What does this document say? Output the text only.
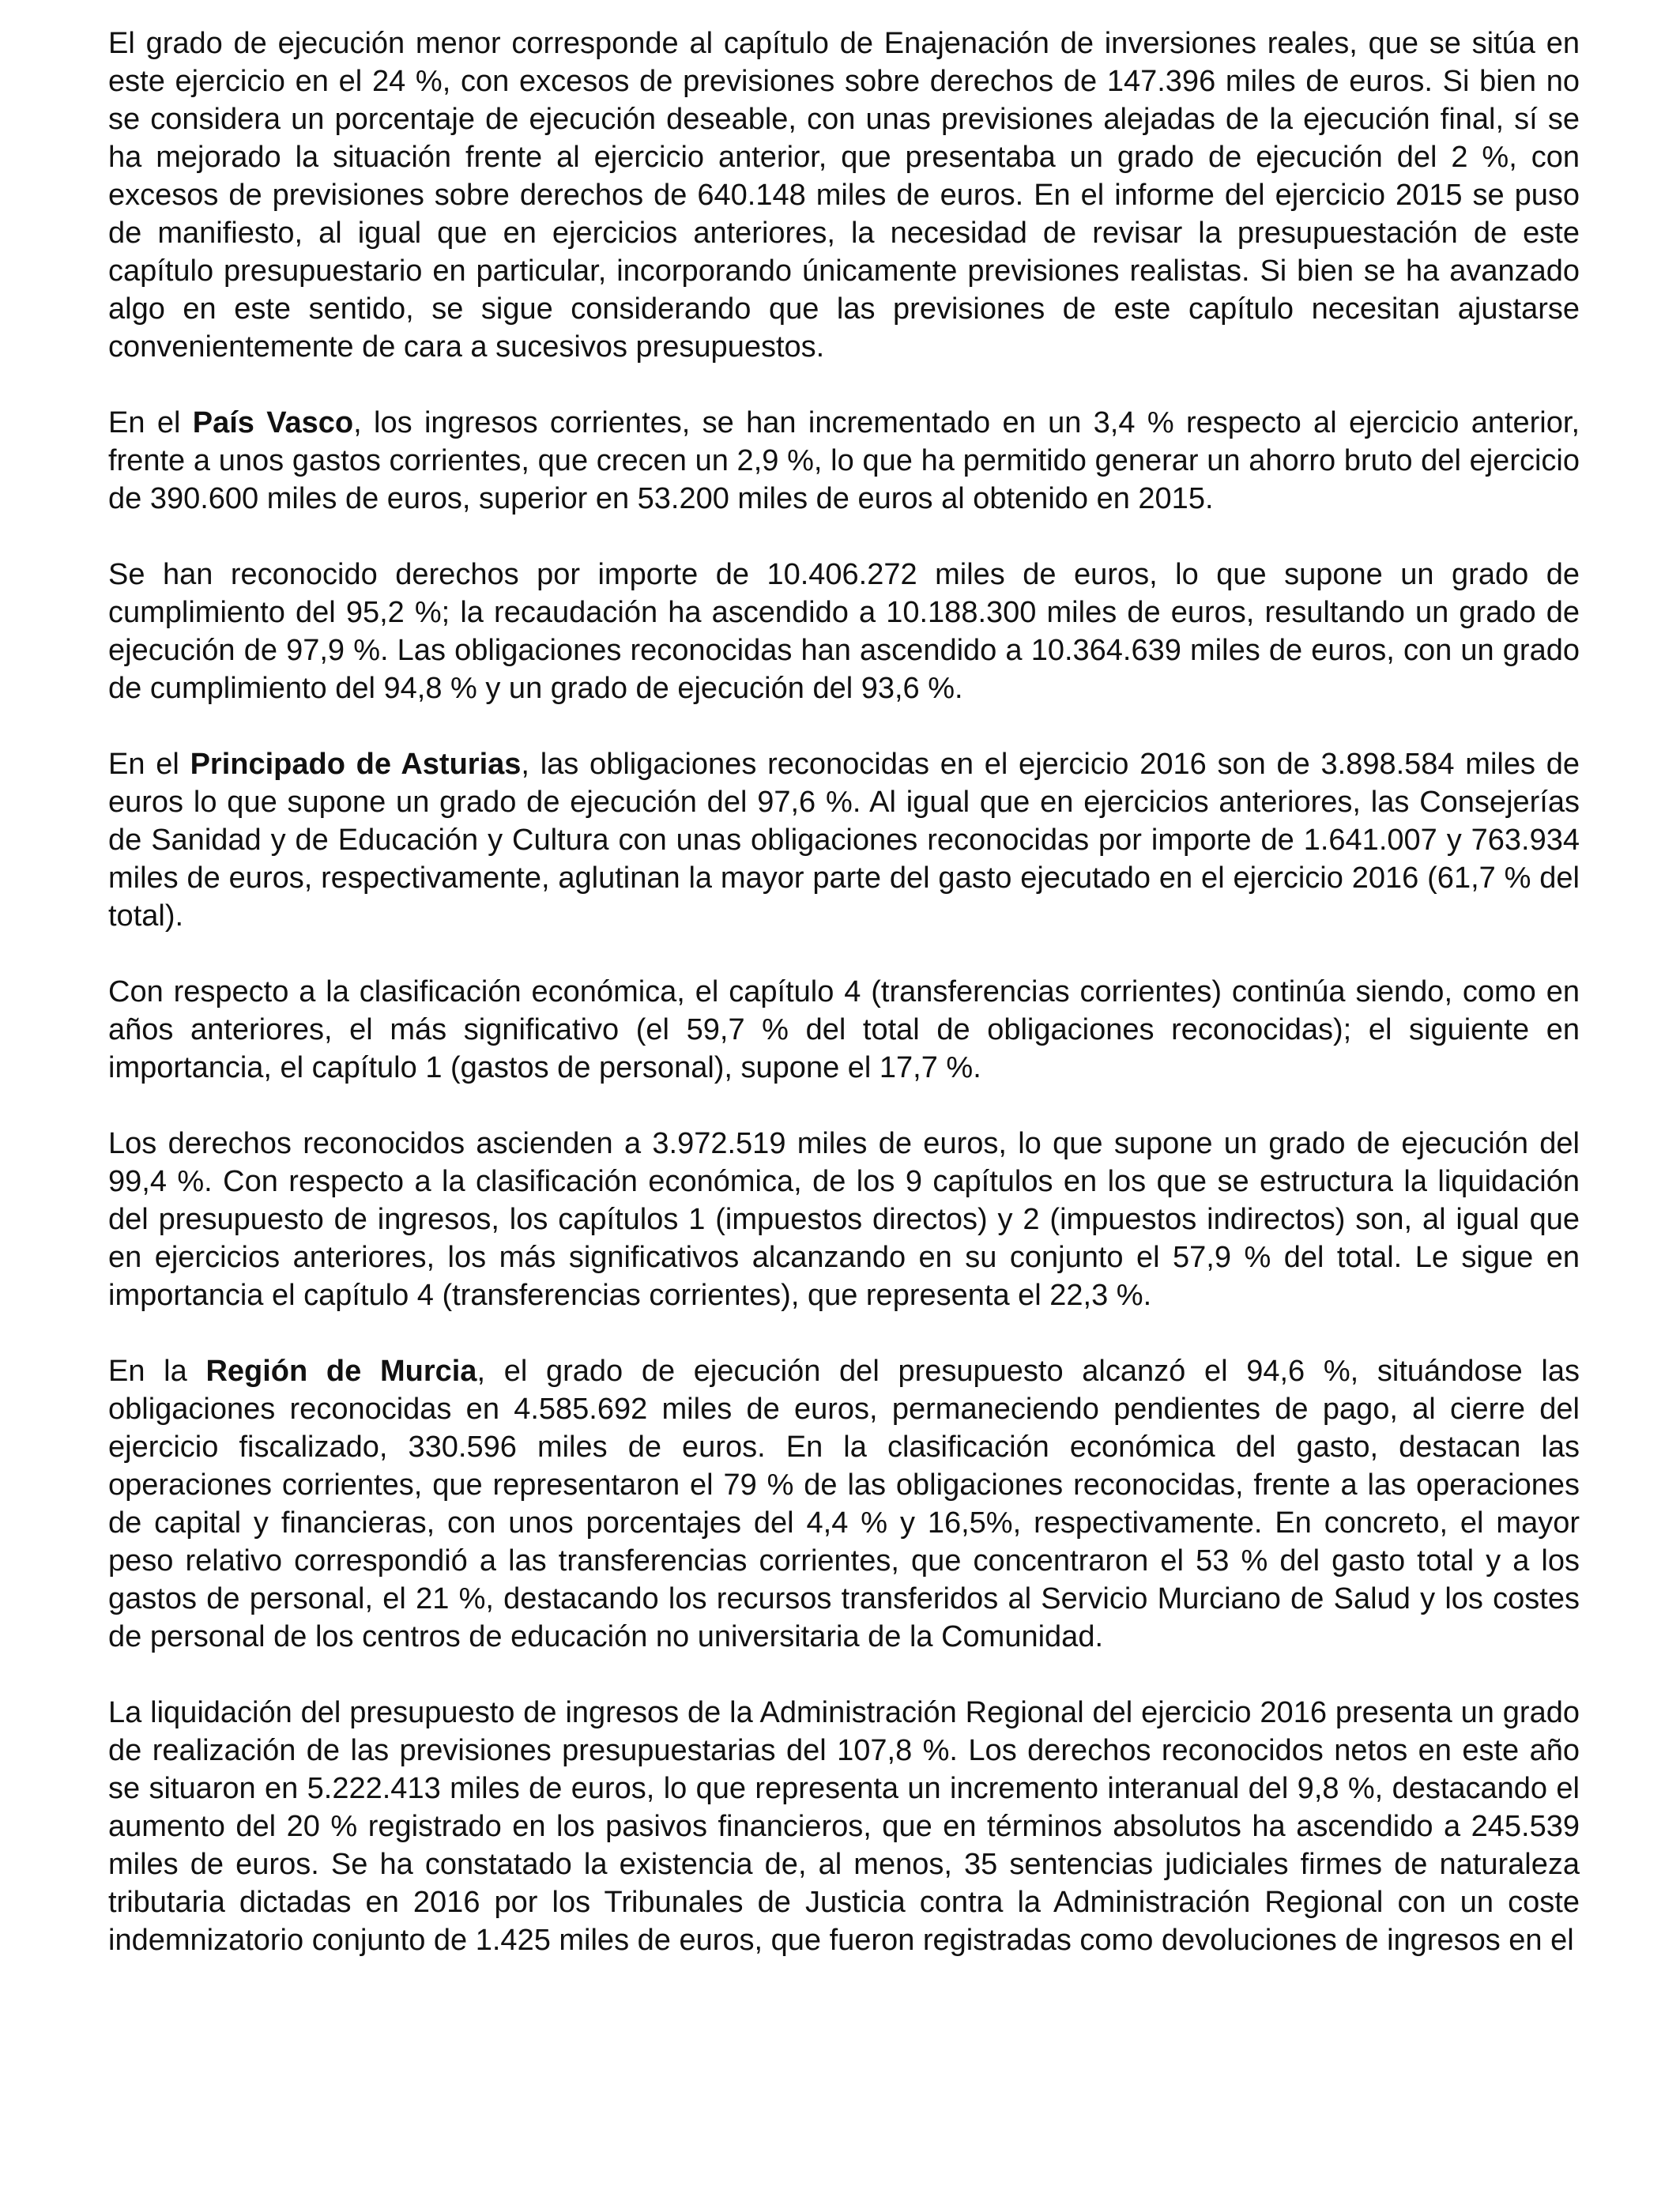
El grado de ejecución menor corresponde al capítulo de Enajenación de inversiones reales, que se sitúa en este ejercicio en el 24 %, con excesos de previsiones sobre derechos de 147.396 miles de euros. Si bien no se considera un porcentaje de ejecución deseable, con unas previsiones alejadas de la ejecución final, sí se ha mejorado la situación frente al ejercicio anterior, que presentaba un grado de ejecución del 2 %, con excesos de previsiones sobre derechos de 640.148 miles de euros. En el informe del ejercicio 2015 se puso de manifiesto, al igual que en ejercicios anteriores, la necesidad de revisar la presupuestación de este capítulo presupuestario en particular, incorporando únicamente previsiones realistas. Si bien se ha avanzado algo en este sentido, se sigue considerando que las previsiones de este capítulo necesitan ajustarse convenientemente de cara a sucesivos presupuestos.

En el País Vasco, los ingresos corrientes, se han incrementado en un 3,4 % respecto al ejercicio anterior, frente a unos gastos corrientes, que crecen un 2,9 %, lo que ha permitido generar un ahorro bruto del ejercicio de 390.600 miles de euros, superior en 53.200 miles de euros al obtenido en 2015.

Se han reconocido derechos por importe de 10.406.272 miles de euros, lo que supone un grado de cumplimiento del 95,2 %; la recaudación ha ascendido a 10.188.300 miles de euros, resultando un grado de ejecución de 97,9 %. Las obligaciones reconocidas han ascendido a 10.364.639 miles de euros, con un grado de cumplimiento del 94,8 % y un grado de ejecución del 93,6 %.

En el Principado de Asturias, las obligaciones reconocidas en el ejercicio 2016 son de 3.898.584 miles de euros lo que supone un grado de ejecución del 97,6 %. Al igual que en ejercicios anteriores, las Consejerías de Sanidad y de Educación y Cultura con unas obligaciones reconocidas por importe de 1.641.007 y 763.934 miles de euros, respectivamente, aglutinan la mayor parte del gasto ejecutado en el ejercicio 2016 (61,7 % del total).

Con respecto a la clasificación económica, el capítulo 4 (transferencias corrientes) continúa siendo, como en años anteriores, el más significativo (el 59,7 % del total de obligaciones reconocidas); el siguiente en importancia, el capítulo 1 (gastos de personal), supone el 17,7 %.

Los derechos reconocidos ascienden a 3.972.519 miles de euros, lo que supone un grado de ejecución del 99,4 %. Con respecto a la clasificación económica, de los 9 capítulos en los que se estructura la liquidación del presupuesto de ingresos, los capítulos 1 (impuestos directos) y 2 (impuestos indirectos) son, al igual que en ejercicios anteriores, los más significativos alcanzando en su conjunto el 57,9 % del total. Le sigue en importancia el capítulo 4 (transferencias corrientes), que representa el 22,3 %.

En la Región de Murcia, el grado de ejecución del presupuesto alcanzó el 94,6 %, situándose las obligaciones reconocidas en 4.585.692 miles de euros, permaneciendo pendientes de pago, al cierre del ejercicio fiscalizado, 330.596 miles de euros. En la clasificación económica del gasto, destacan las operaciones corrientes, que representaron el 79 % de las obligaciones reconocidas, frente a las operaciones de capital y financieras, con unos porcentajes del 4,4 % y 16,5%, respectivamente. En concreto, el mayor peso relativo correspondió a las transferencias corrientes, que concentraron el 53 % del gasto total y a los gastos de personal, el 21 %, destacando los recursos transferidos al Servicio Murciano de Salud y los costes de personal de los centros de educación no universitaria de la Comunidad.

La liquidación del presupuesto de ingresos de la Administración Regional del ejercicio 2016 presenta un grado de realización de las previsiones presupuestarias del 107,8 %. Los derechos reconocidos netos en este año se situaron en 5.222.413 miles de euros, lo que representa un incremento interanual del 9,8 %, destacando el aumento del 20 % registrado en los pasivos financieros, que en términos absolutos ha ascendido a 245.539 miles de euros. Se ha constatado la existencia de, al menos, 35 sentencias judiciales firmes de naturaleza tributaria dictadas en 2016 por los Tribunales de Justicia contra la Administración Regional con un coste indemnizatorio conjunto de 1.425 miles de euros, que fueron registradas como devoluciones de ingresos en el
